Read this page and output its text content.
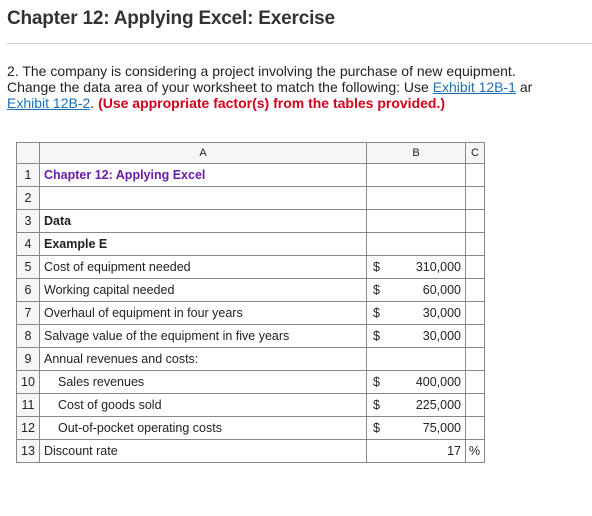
Chapter 12: Applying Excel: Exercise
2. The company is considering a project involving the purchase of new equipment.
Change the data area of your worksheet to match the following: Use Exhibit 12B-1 ar
Exhibit 12B-2. (Use appropriate factor(s) from the tables provided.)
	A	B	C
1	Chapter 12: Applying Excel	

2		

3	Data	

4	Example E	

5	Cost of equipment needed	$ 310,000	

6	Working capital needed	$ 60,000	

7	Overhaul of equipment in four years	$ 30,000	

8	Salvage value of the equipment in five years	$ 30,000	

9	Annual revenues and costs:	

10	Sales revenues	$ 400,000	

11	Cost of goods sold	$ 225,000	

12	Out-of-pocket operating costs	$ 75,000	

13	Discount rate	17	%
